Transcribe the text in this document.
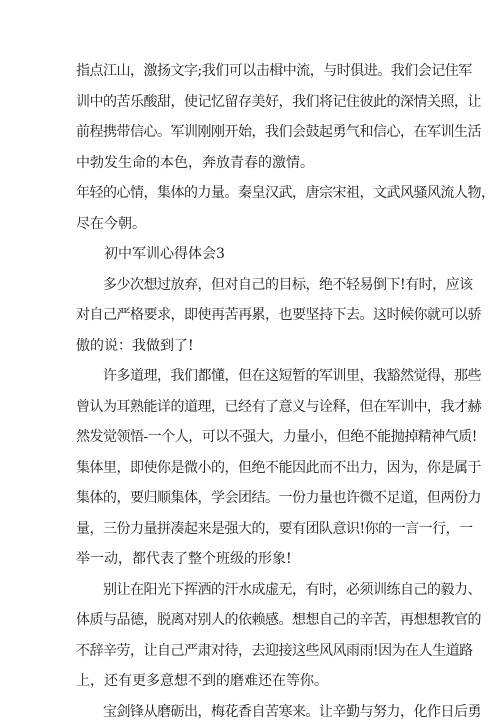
指点江山，激扬文字;我们可以击楫中流，与时俱进。我们会记住军
训中的苦乐酸甜，使记忆留存美好，我们将记住彼此的深情关照，让
前程携带信心。军训刚刚开始，我们会鼓起勇气和信心，在军训生活
中勃发生命的本色，奔放青春的激情。
年轻的心情，集体的力量。秦皇汉武，唐宗宋祖，文武风骚风流人物，
尽在今朝。
　　初中军训心得体会3
　　多少次想过放弃，但对自己的目标，绝不轻易倒下!有时，应该
对自己严格要求，即使再苦再累，也要坚持下去。这时候你就可以骄
傲的说：我做到了!
　　许多道理，我们都懂，但在这短暂的军训里，我豁然觉得，那些
曾认为耳熟能详的道理，已经有了意义与诠释，但在军训中，我才赫
然发觉领悟-一个人，可以不强大，力量小，但绝不能抛掉精神气质!
集体里，即使你是微小的，但绝不能因此而不出力，因为，你是属于
集体的，要归顺集体，学会团结。一份力量也许微不足道，但两份力
量，三份力量拼凑起来是强大的，要有团队意识!你的一言一行，一
举一动，都代表了整个班级的形象!
　　别让在阳光下挥洒的汗水成虚无，有时，必须训练自己的毅力、
体质与品德，脱离对别人的依赖感。想想自己的辛苦，再想想教官的
不辞辛劳，让自己严肃对待，去迎接这些风风雨雨!因为在人生道路
上，还有更多意想不到的磨难还在等你。
　　宝剑锋从磨砺出，梅花香自苦寒来。让辛勤与努力，化作日后勇
